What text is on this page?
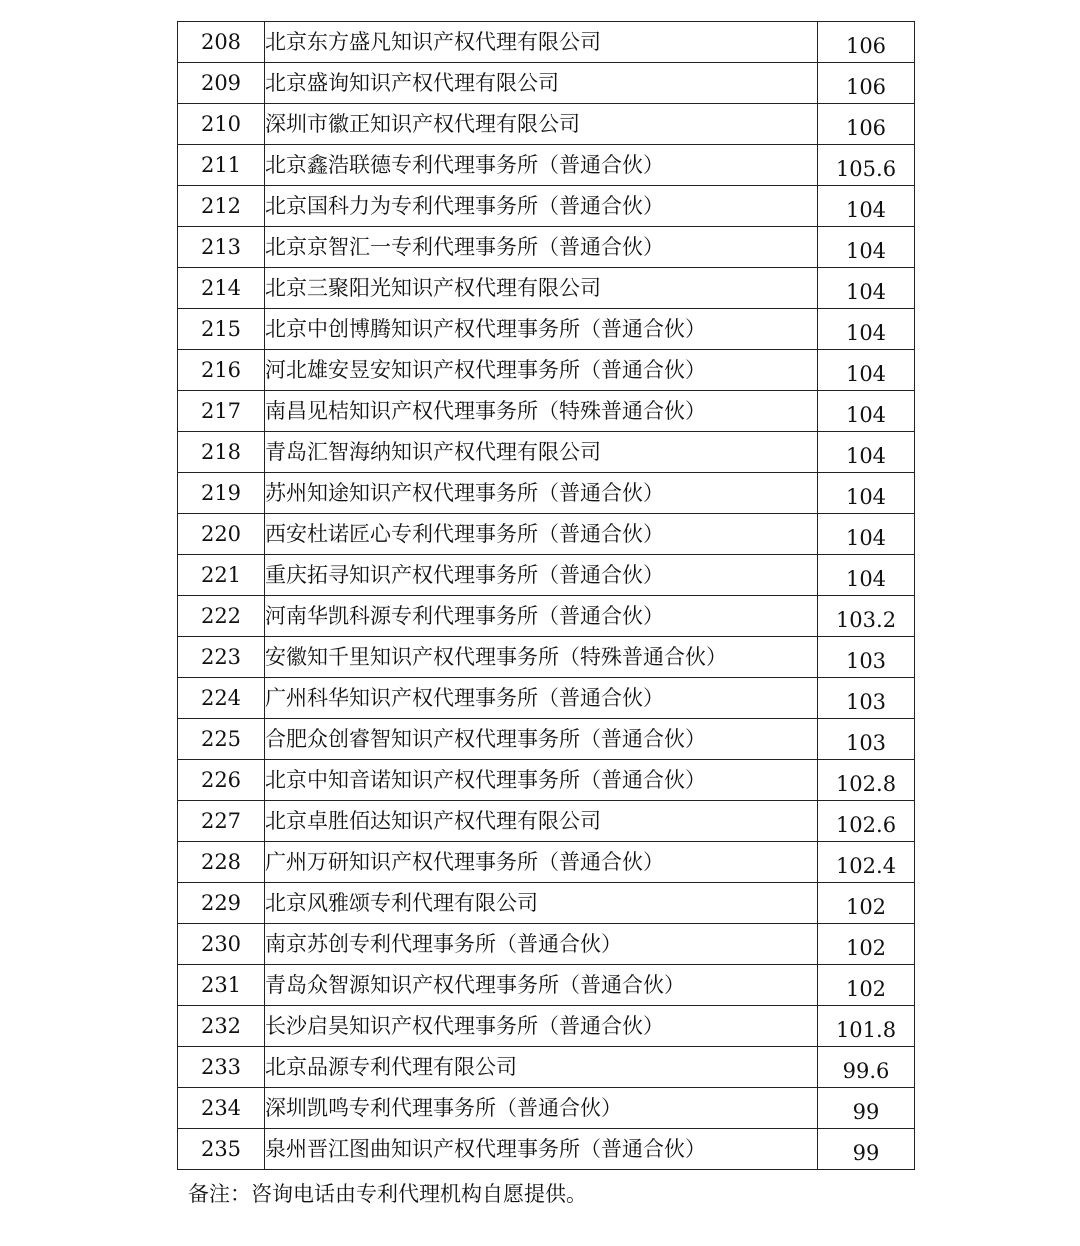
208	北京东方盛凡知识产权代理有限公司	106
209	北京盛询知识产权代理有限公司	106
210	深圳市徽正知识产权代理有限公司	106
211	北京鑫浩联德专利代理事务所（普通合伙）	105.6
212	北京国科力为专利代理事务所（普通合伙）	104
213	北京京智汇一专利代理事务所（普通合伙）	104
214	北京三聚阳光知识产权代理有限公司	104
215	北京中创博腾知识产权代理事务所（普通合伙）	104
216	河北雄安昱安知识产权代理事务所（普通合伙）	104
217	南昌见桔知识产权代理事务所（特殊普通合伙）	104
218	青岛汇智海纳知识产权代理有限公司	104
219	苏州知途知识产权代理事务所（普通合伙）	104
220	西安杜诺匠心专利代理事务所（普通合伙）	104
221	重庆拓寻知识产权代理事务所（普通合伙）	104
222	河南华凯科源专利代理事务所（普通合伙）	103.2
223	安徽知千里知识产权代理事务所（特殊普通合伙）	103
224	广州科华知识产权代理事务所（普通合伙）	103
225	合肥众创睿智知识产权代理事务所（普通合伙）	103
226	北京中知音诺知识产权代理事务所（普通合伙）	102.8
227	北京卓胜佰达知识产权代理有限公司	102.6
228	广州万研知识产权代理事务所（普通合伙）	102.4
229	北京风雅颂专利代理有限公司	102
230	南京苏创专利代理事务所（普通合伙）	102
231	青岛众智源知识产权代理事务所（普通合伙）	102
232	长沙启昊知识产权代理事务所（普通合伙）	101.8
233	北京品源专利代理有限公司	99.6
234	深圳凯鸣专利代理事务所（普通合伙）	99
235	泉州晋江图曲知识产权代理事务所（普通合伙）	99
备注：咨询电话由专利代理机构自愿提供。
